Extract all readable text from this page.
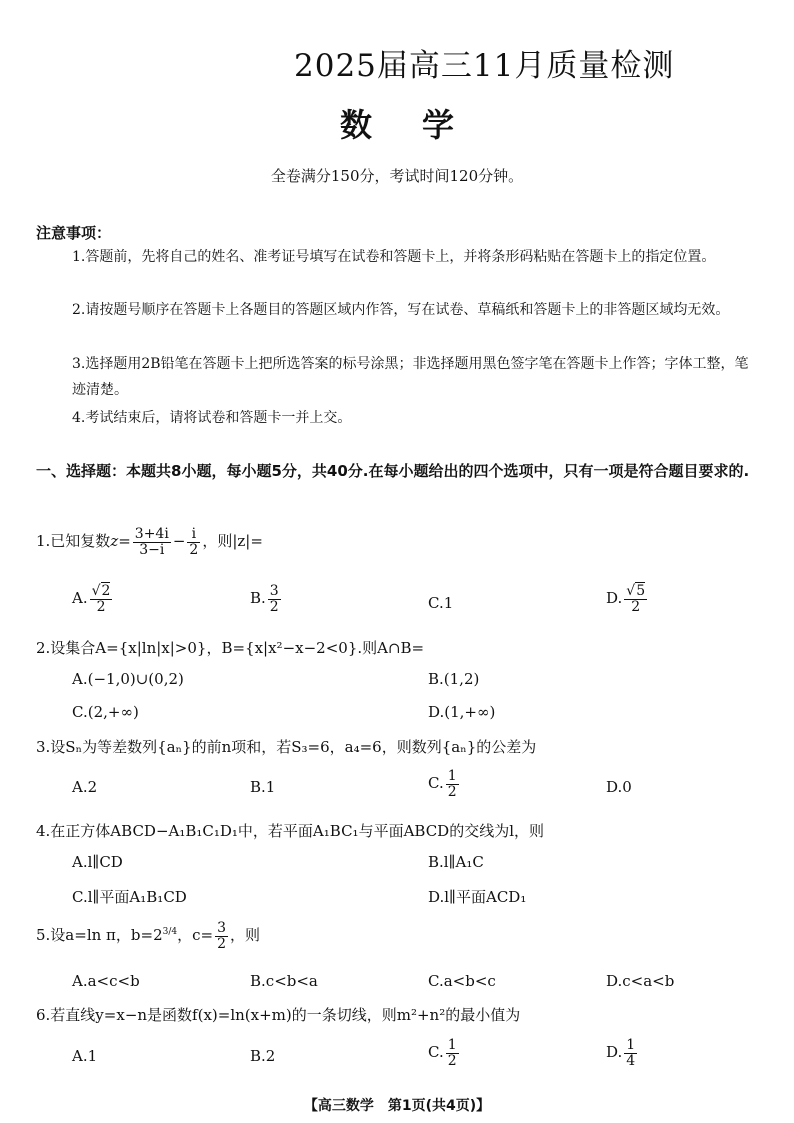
2025届高三11月质量检测
数 学
全卷满分150分，考试时间120分钟。
注意事项：
1.答题前，先将自己的姓名、准考证号填写在试卷和答题卡上，并将条形码粘贴在答题卡上的指定位置。
2.请按题号顺序在答题卡上各题目的答题区域内作答，写在试卷、草稿纸和答题卡上的非答题区域均无效。
3.选择题用2B铅笔在答题卡上把所选答案的标号涂黑；非选择题用黑色签字笔在答题卡上作答；字体工整，笔迹清楚。
4.考试结束后，请将试卷和答题卡一并上交。
一、选择题：本题共8小题，每小题5分，共40分.在每小题给出的四个选项中，只有一项是符合题目要求的.
1.已知复数$z= \frac{3+4i}{3-i} - \frac{i}{2}$ ，则|z|=
A. $\frac{√2}{2}$	B. $\frac{3}{2}$	C.1	D. $\frac{√5}{2}$
2.设集合A={x|ln|x|>0}，B={x|x²−x−2<0}.则A∩B=
A.(−1,0)∪(0,2)	B.(1,2)
C.(2,+∞)	D.(1,+∞)
3.设Sₙ为等差数列{aₙ}的前n项和，若S₃=6，a₄=6，则数列{aₙ}的公差为
A.2	B.1	C. $\frac{1}{2}$	D.0
4.在正方体ABCD−A₁B₁C₁D₁中，若平面A₁BC₁与平面ABCD的交线为l，则
A.l∥CD	B.l∥A₁C
C.l∥平面A₁B₁CD	D.l∥平面ACD₁
5.设a=ln π，$b=2^{3/4}$，$c= \frac{3}{2}$ ，则
A.a<c<b	B.c<b<a	C.a<b<c	D.c<a<b
6.若直线y=x−n是函数f(x)=ln(x+m)的一条切线，则m²+n²的最小值为
A.1	B.2	C. $\frac{1}{2}$	D. $\frac{1}{4}$
【高三数学　第1页(共4页)】
